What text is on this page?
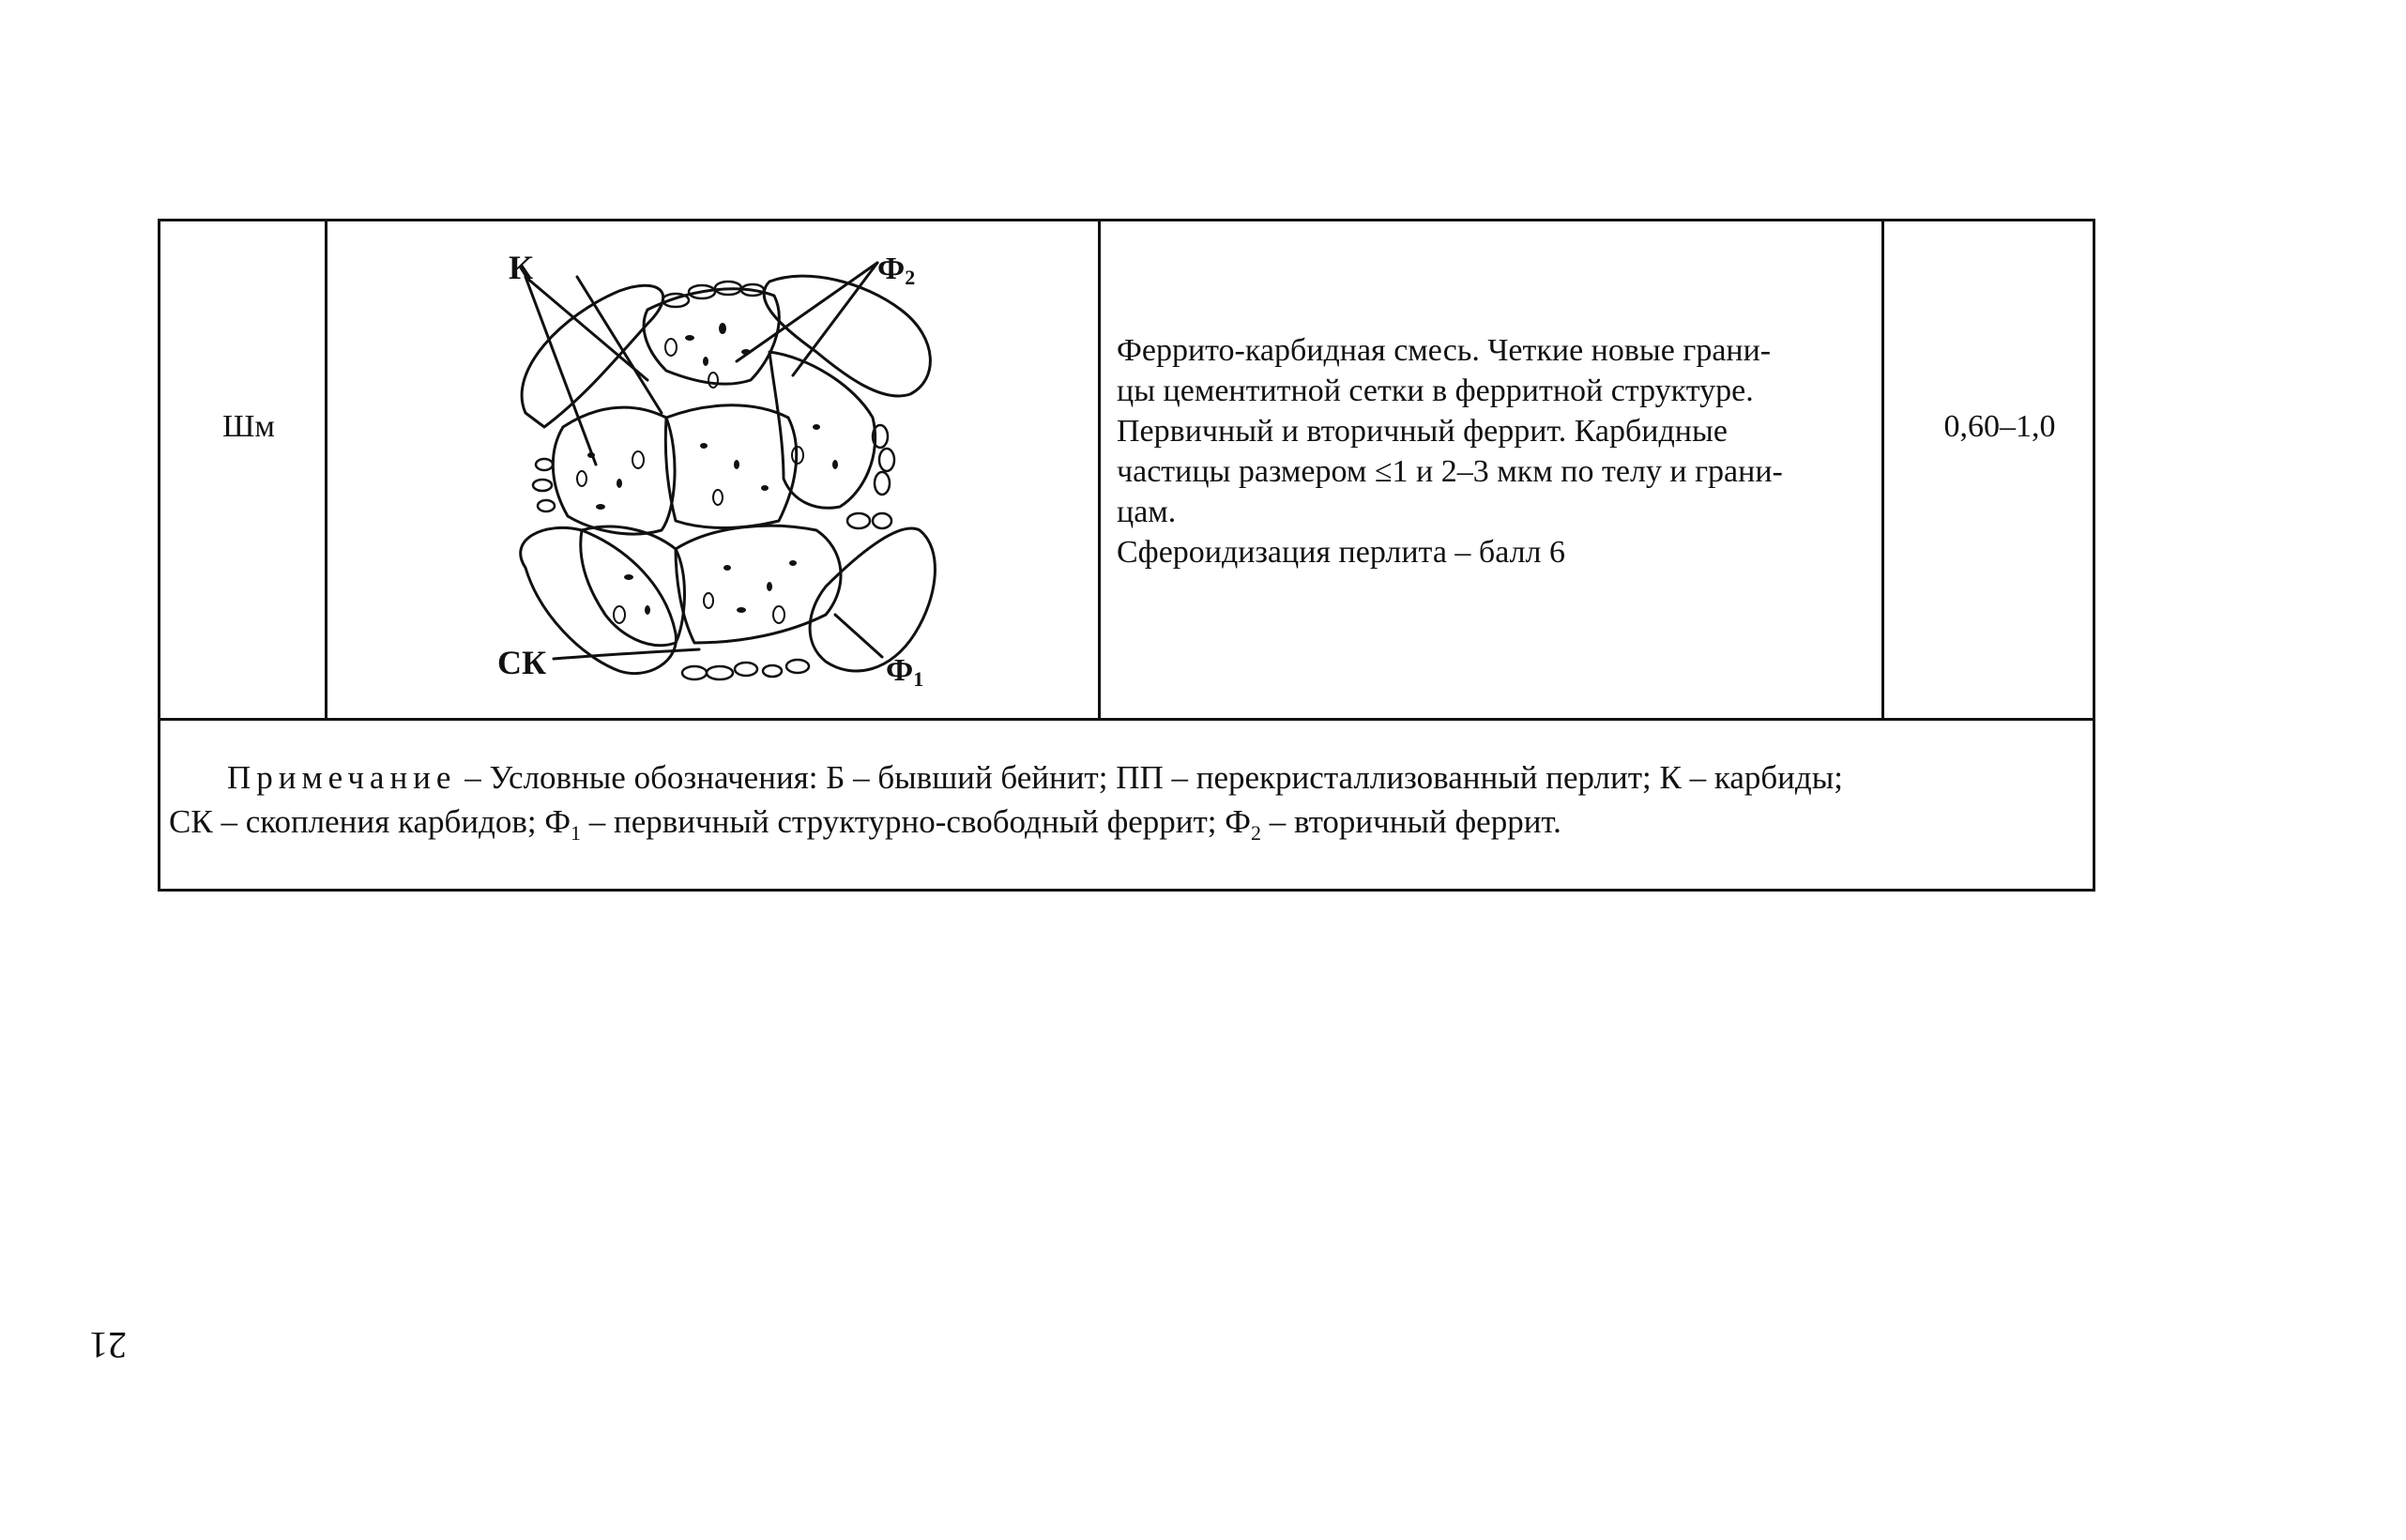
Шм
К	Ф2
СК	Ф1
Феррито-карбидная смесь. Четкие новые грани-
цы цементитной сетки в ферритной структуре.
Первичный и вторичный феррит. Карбидные
частицы размером ≤1 и 2–3 мкм по телу и грани-
цам.
Сфероидизация перлита – балл 6
0,60–1,0
Примечание – Условные обозначения: Б – бывший бейнит; ПП – перекристаллизованный перлит; К – карбиды;
СК – скопления карбидов; $Ф_1$ – первичный структурно-свободный феррит; $Ф_2$ – вторичный феррит.
21
